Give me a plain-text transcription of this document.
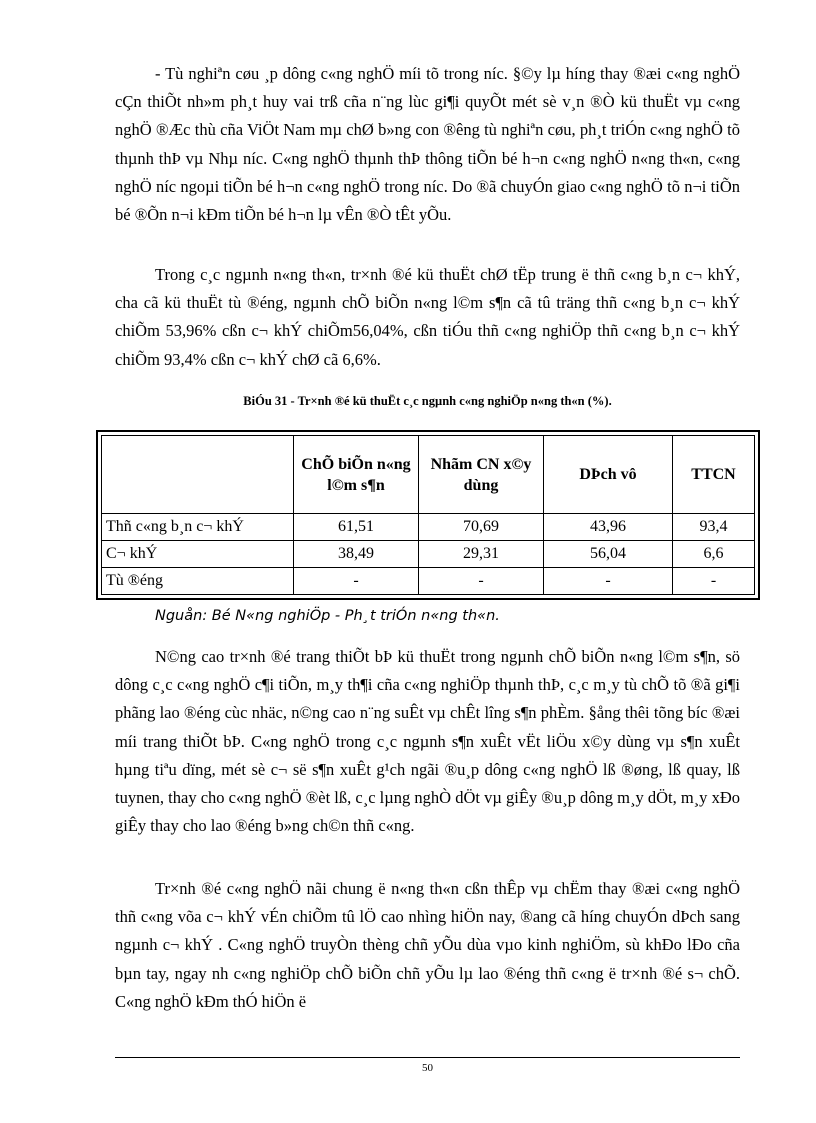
- Tù nghiªn cøu ¸p dông c«ng nghÖ míi tõ trong níc. §©y lµ híng thay ®æi c«ng nghÖ cÇn thiÕt nh»m ph¸t huy vai trß cña n¨ng lùc gi¶i quyÕt mét sè v¸n ®Ò kü thuËt vµ c«ng nghÖ ®Æc thù cña ViÖt Nam mµ chØ b»ng con ®êng tù nghiªn cøu, ph¸t triÓn c«ng nghÖ tõ thµnh thÞ vµ Nhµ níc. C«ng nghÖ thµnh thÞ thông tiÕn bé h¬n c«ng nghÖ n«ng th«n, c«ng nghÖ níc ngoµi tiÕn bé h¬n c«ng nghÖ trong níc. Do ®ã chuyÓn giao c«ng nghÖ tõ n¬i tiÕn bé ®Õn n¬i kÐm tiÕn bé h¬n lµ vÊn ®Ò tÊt yÕu.

Trong c¸c ngµnh n«ng th«n, tr×nh ®é kü thuËt chØ tËp trung ë thñ c«ng b¸n c¬ khÝ, cha cã kü thuËt tù ®éng, ngµnh chÕ biÕn n«ng l©m s¶n cã tû träng thñ c«ng b¸n c¬ khÝ chiÕm 53,96% cßn c¬ khÝ chiÕm56,04%, cßn tiÓu thñ c«ng nghiÖp thñ c«ng b¸n c¬ khÝ chiÕm 93,4% cßn c¬ khÝ chØ cã 6,6%.

BiÓu 31 - Tr×nh ®é kü thuËt c¸c ngµnh c«ng nghiÖp n«ng th«n (%).

	ChÕ biÕn n«ng l©m s¶n	Nhãm CN x©y dùng	DÞch vô	TTCN
Thñ c«ng b¸n c¬ khÝ	61,51	70,69	43,96	93,4
C¬ khÝ	38,49	29,31	56,04	6,6
Tù ®éng	-	-	-	-

Nguån: Bé N«ng nghiÖp - Ph¸t triÓn n«ng th«n.

N©ng cao tr×nh ®é trang thiÕt bÞ kü thuËt trong ngµnh chÕ biÕn n«ng l©m s¶n, sö dông c¸c c«ng nghÖ c¶i tiÕn, m¸y th¶i cña c«ng nghiÖp thµnh thÞ, c¸c m¸y tù chÕ tõ ®ã gi¶i phãng lao ®éng cùc nhäc, n©ng cao n¨ng suÊt vµ chÊt lîng s¶n phÈm. §ång thêi tõng bíc ®æi míi trang thiÕt bÞ. C«ng nghÖ trong c¸c ngµnh s¶n xuÊt vËt liÖu x©y dùng vµ s¶n xuÊt hµng tiªu dïng, mét sè c¬ së s¶n xuÊt g¹ch ngãi ®u¸p dông c«ng nghÖ lß ®øng, lß quay, lß tuynen, thay cho c«ng nghÖ ®èt lß, c¸c lµng nghÒ dÖt vµ giÊy ®u¸p dông m¸y dÖt, m¸y xÐo giÊy thay cho lao ®éng b»ng ch©n thñ c«ng.

Tr×nh ®é c«ng nghÖ nãi chung ë n«ng th«n cßn thÊp vµ chËm thay ®æi c«ng nghÖ thñ c«ng võa c¬ khÝ vÉn chiÕm tû lÖ cao nhìng hiÖn nay, ®ang cã híng chuyÓn dÞch sang ngµnh c¬ khÝ . C«ng nghÖ truyÒn thèng chñ yÕu dùa vµo kinh nghiÖm, sù khÐo lÐo cña bµn tay, ngay nh c«ng nghiÖp chÕ biÕn chñ yÕu lµ lao ®éng thñ c«ng ë tr×nh ®é s¬ chÕ. C«ng nghÖ kÐm thÓ hiÖn ë

50
